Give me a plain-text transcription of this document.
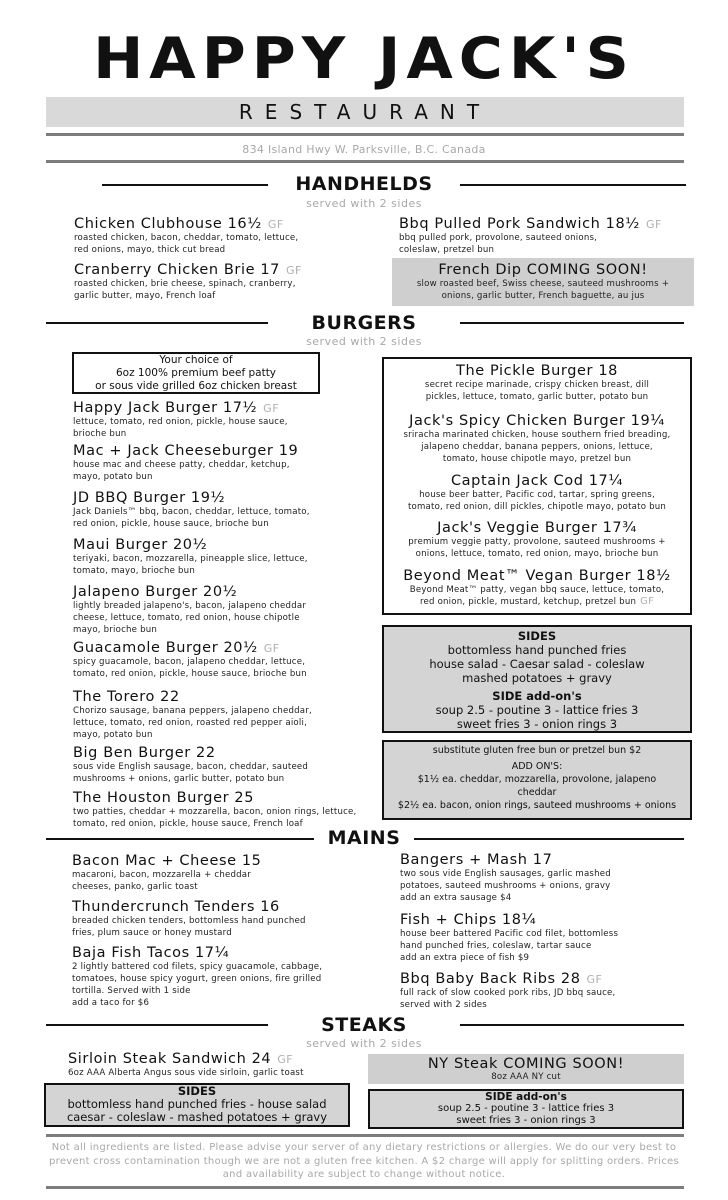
HAPPY JACK'S
RESTAURANT
834 Island Hwy W. Parksville, B.C. Canada
HANDHELDS
served with 2 sides
Chicken Clubhouse 16½ GF
roasted chicken, bacon, cheddar, tomato, lettuce,
red onions, mayo, thick cut bread
Cranberry Chicken Brie 17 GF
roasted chicken, brie cheese, spinach, cranberry,
garlic butter, mayo, French loaf
Bbq Pulled Pork Sandwich 18½ GF
bbq pulled pork, provolone, sauteed onions,
coleslaw, pretzel bun
French Dip COMING SOON!
slow roasted beef, Swiss cheese, sauteed mushrooms +
onions, garlic butter, French baguette, au jus
BURGERS
served with 2 sides
Your choice of
6oz 100% premium beef patty
or sous vide grilled 6oz chicken breast
Happy Jack Burger 17½ GF
lettuce, tomato, red onion, pickle, house sauce,
brioche bun
Mac + Jack Cheeseburger 19
house mac and cheese patty, cheddar, ketchup,
mayo, potato bun
JD BBQ Burger 19½
Jack Daniels™ bbq, bacon, cheddar, lettuce, tomato,
red onion, pickle, house sauce, brioche bun
Maui Burger 20½
teriyaki, bacon, mozzarella, pineapple slice, lettuce,
tomato, mayo, brioche bun
Jalapeno Burger 20½
lightly breaded jalapeno's, bacon, jalapeno cheddar
cheese, lettuce, tomato, red onion, house chipotle
mayo, brioche bun
Guacamole Burger 20½ GF
spicy guacamole, bacon, jalapeno cheddar, lettuce,
tomato, red onion, pickle, house sauce, brioche bun
The Torero 22
Chorizo sausage, banana peppers, jalapeno cheddar,
lettuce, tomato, red onion, roasted red pepper aioli,
mayo, potato bun
Big Ben Burger 22
sous vide English sausage, bacon, cheddar, sauteed
mushrooms + onions, garlic butter, potato bun
The Houston Burger 25
two patties, cheddar + mozzarella, bacon, onion rings, lettuce,
tomato, red onion, pickle, house sauce, French loaf
The Pickle Burger 18
secret recipe marinade, crispy chicken breast, dill
pickles, lettuce, tomato, garlic butter, potato bun
Jack's Spicy Chicken Burger 19¼
sriracha marinated chicken, house southern fried breading,
jalapeno cheddar, banana peppers, onions, lettuce,
tomato, house chipotle mayo, pretzel bun
Captain Jack Cod 17¼
house beer batter, Pacific cod, tartar, spring greens,
tomato, red onion, dill pickles, chipotle mayo, potato bun
Jack's Veggie Burger 17¾
premium veggie patty, provolone, sauteed mushrooms +
onions, lettuce, tomato, red onion, mayo, brioche bun
Beyond Meat™ Vegan Burger 18½
Beyond Meat™ patty, vegan bbq sauce, lettuce, tomato,
red onion, pickle, mustard, ketchup, pretzel bun GF
SIDES
bottomless hand punched fries
house salad - Caesar salad - coleslaw
mashed potatoes + gravy
SIDE add-on's
soup 2.5 - poutine 3 - lattice fries 3
sweet fries 3 - onion rings 3
substitute gluten free bun or pretzel bun $2
ADD ON'S:
$1½ ea. cheddar, mozzarella, provolone, jalapeno
cheddar
$2½ ea. bacon, onion rings, sauteed mushrooms + onions
MAINS
Bacon Mac + Cheese 15
macaroni, bacon, mozzarella + cheddar
cheeses, panko, garlic toast
Thundercrunch Tenders 16
breaded chicken tenders, bottomless hand punched
fries, plum sauce or honey mustard
Baja Fish Tacos 17¼
2 lightly battered cod filets, spicy guacamole, cabbage,
tomatoes, house spicy yogurt, green onions, fire grilled
tortilla. Served with 1 side
add a taco for $6
Bangers + Mash 17
two sous vide English sausages, garlic mashed
potatoes, sauteed mushrooms + onions, gravy
add an extra sausage $4
Fish + Chips 18¼
house beer battered Pacific cod filet, bottomless
hand punched fries, coleslaw, tartar sauce
add an extra piece of fish $9
Bbq Baby Back Ribs 28 GF
full rack of slow cooked pork ribs, JD bbq sauce,
served with 2 sides
STEAKS
served with 2 sides
Sirloin Steak Sandwich 24 GF
6oz AAA Alberta Angus sous vide sirloin, garlic toast
NY Steak COMING SOON!
8oz AAA NY cut
SIDES
bottomless hand punched fries - house salad
caesar - coleslaw - mashed potatoes + gravy
SIDE add-on's
soup 2.5 - poutine 3 - lattice fries 3
sweet fries 3 - onion rings 3
Not all ingredients are listed. Please advise your server of any dietary restrictions or allergies. We do our very best to prevent cross contamination though we are not a gluten free kitchen. A $2 charge will apply for splitting orders. Prices and availability are subject to change without notice.
